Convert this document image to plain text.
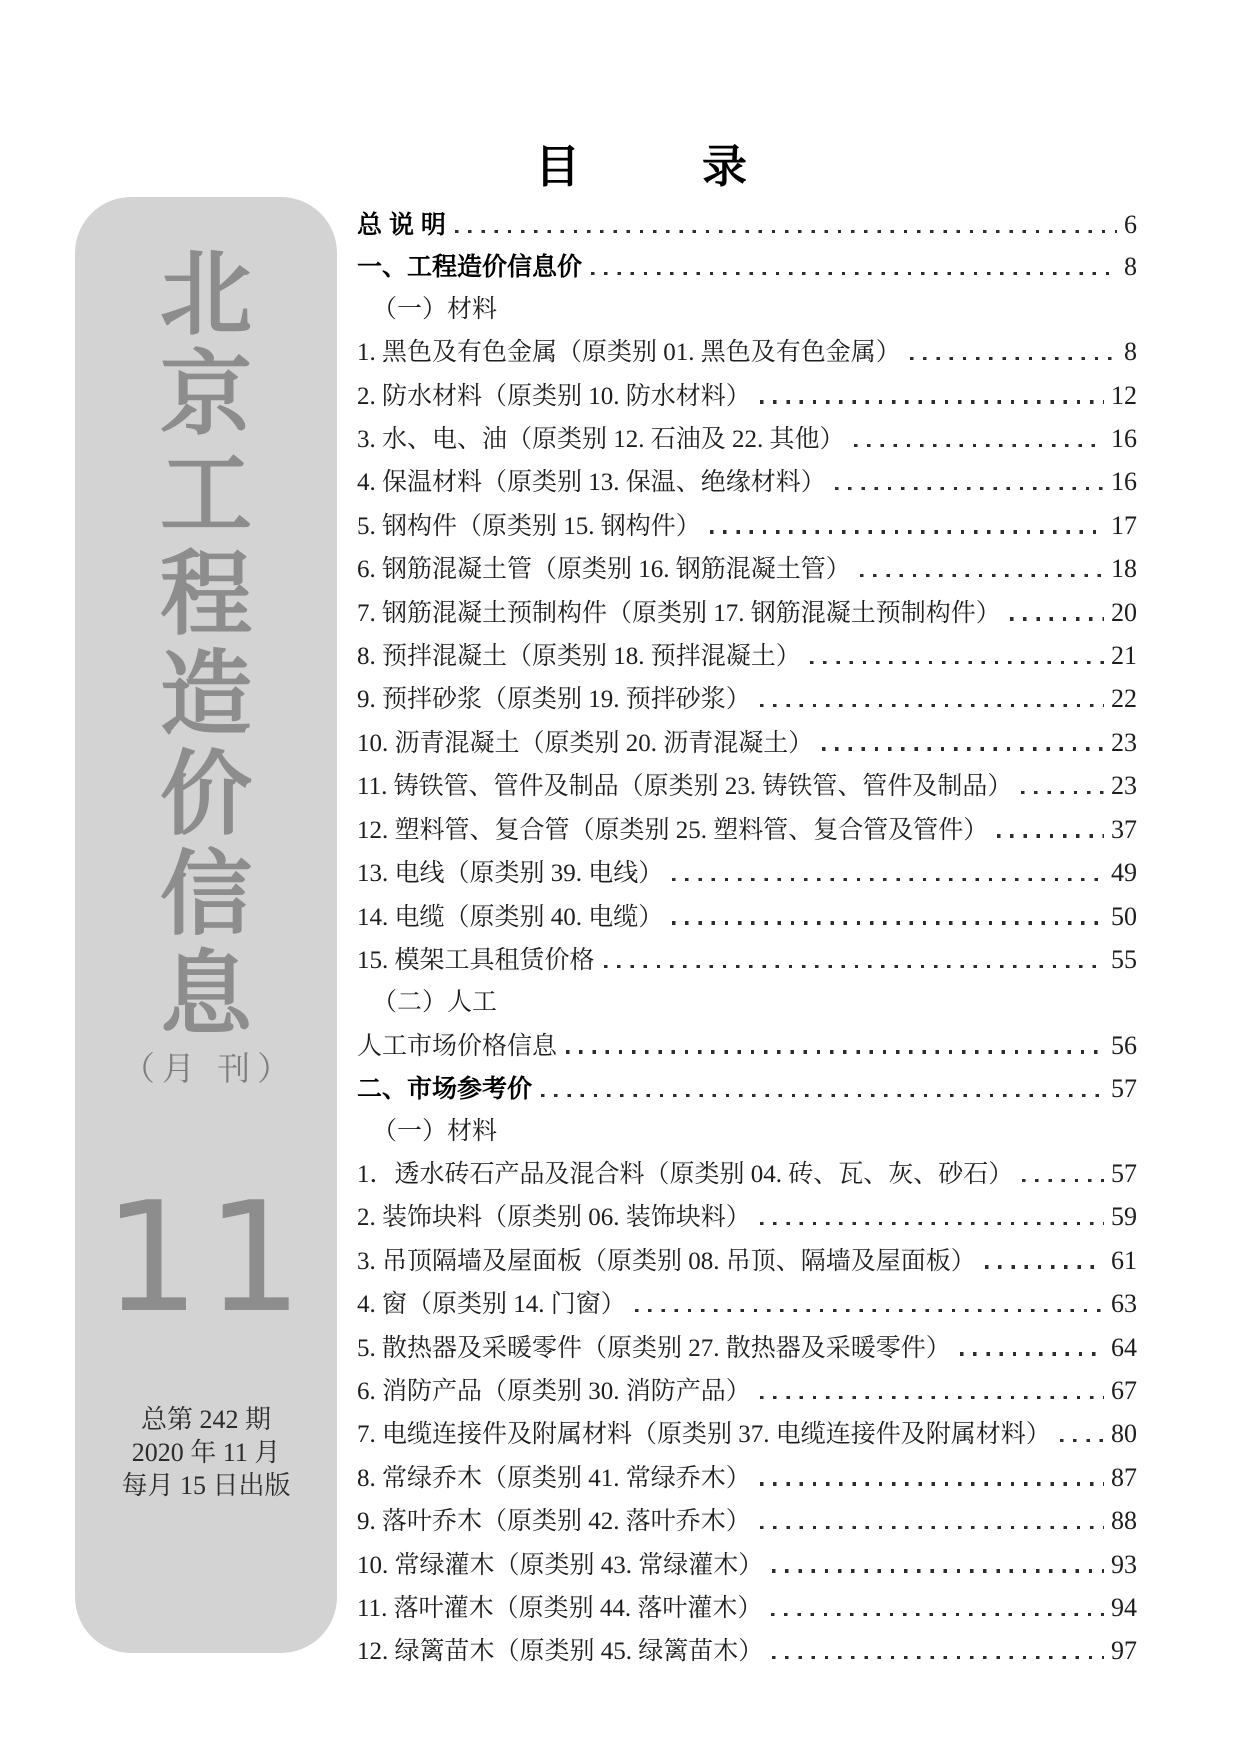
北
京
工
程
造
价
信
息
（月 刊）
11
总第 242 期
2020 年 11 月
每月 15 日出版
目	录
总 说 明	6
一、工程造价信息价	8
（一）材料
1. 黑色及有色金属（原类别 01. 黑色及有色金属）	8
2. 防水材料（原类别 10. 防水材料）	12
3. 水、电、油（原类别 12. 石油及 22. 其他）	16
4. 保温材料（原类别 13. 保温、绝缘材料）	16
5. 钢构件（原类别 15. 钢构件）	17
6. 钢筋混凝土管（原类别 16. 钢筋混凝土管）	18
7. 钢筋混凝土预制构件（原类别 17. 钢筋混凝土预制构件）	20
8. 预拌混凝土（原类别 18. 预拌混凝土）	21
9. 预拌砂浆（原类别 19. 预拌砂浆）	22
10. 沥青混凝土（原类别 20. 沥青混凝土）	23
11. 铸铁管、管件及制品（原类别 23. 铸铁管、管件及制品）	23
12. 塑料管、复合管（原类别 25. 塑料管、复合管及管件）	37
13. 电线（原类别 39. 电线）	49
14. 电缆（原类别 40. 电缆）	50
15. 模架工具租赁价格	55
（二）人工
人工市场价格信息	56
二、市场参考价	57
（一）材料
1．透水砖石产品及混合料（原类别 04. 砖、瓦、灰、砂石）	57
2. 装饰块料（原类别 06. 装饰块料）	59
3. 吊顶隔墙及屋面板（原类别 08. 吊顶、隔墙及屋面板）	61
4. 窗（原类别 14. 门窗）	63
5. 散热器及采暖零件（原类别 27. 散热器及采暖零件）	64
6. 消防产品（原类别 30. 消防产品）	67
7. 电缆连接件及附属材料（原类别 37. 电缆连接件及附属材料） 80
8. 常绿乔木（原类别 41. 常绿乔木）	87
9. 落叶乔木（原类别 42. 落叶乔木）	88
10. 常绿灌木（原类别 43. 常绿灌木）	93
11. 落叶灌木（原类别 44. 落叶灌木）	94
12. 绿篱苗木（原类别 45. 绿篱苗木）	97
